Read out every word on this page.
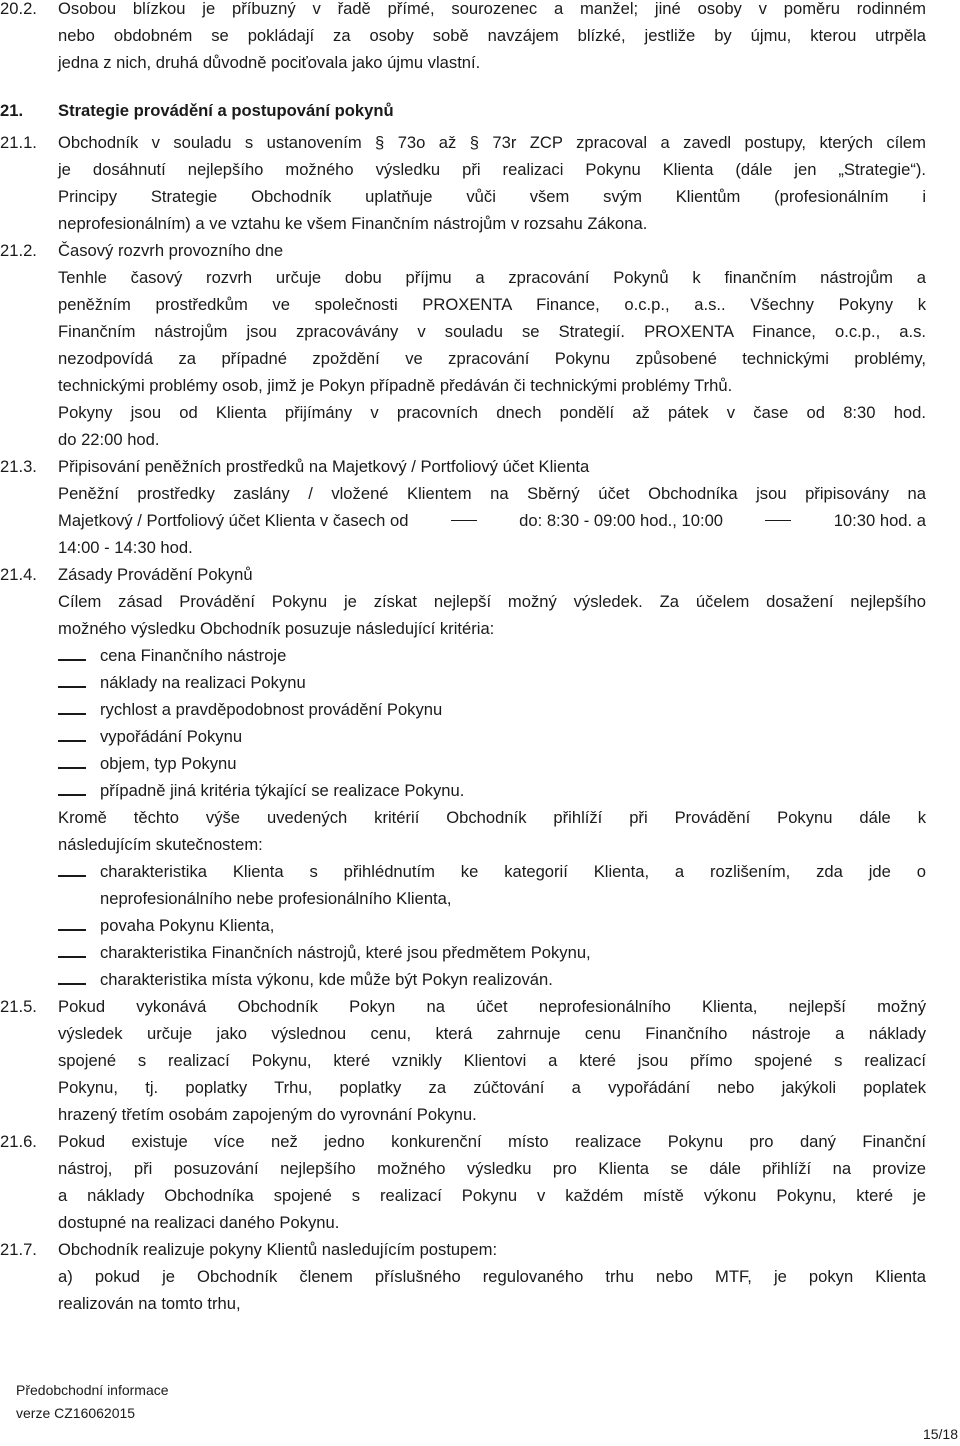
20.2. Osobou blízkou je příbuzný v řadě přímé, sourozenec a manžel; jiné osoby v poměru rodinném
nebo obdobném se pokládají za osoby sobě navzájem blízké, jestliže by újmu, kterou utrpěla
jedna z nich, druhá důvodně pociťovala jako újmu vlastní.
21. Strategie provádění a postupování pokynů
21.1. Obchodník v souladu s ustanovením § 73o až § 73r ZCP zpracoval a zavedl postupy, kterých cílem
je dosáhnutí nejlepšího možného výsledku při realizaci Pokynu Klienta (dále jen „Strategie“).
Principy Strategie Obchodník uplatňuje vůči všem svým Klientům (profesionálním i
neprofesionálním) a ve vztahu ke všem Finančním nástrojům v rozsahu Zákona.
21.2. Časový rozvrh provozního dne
Tenhle časový rozvrh určuje dobu příjmu a zpracování Pokynů k finančním nástrojům a
peněžním prostředkům ve společnosti PROXENTA Finance, o.c.p., a.s.. Všechny Pokyny k
Finančním nástrojům jsou zpracovávány v souladu se Strategií. PROXENTA Finance, o.c.p., a.s.
nezodpovídá za případné zpoždění ve zpracování Pokynu způsobené technickými problémy,
technickými problémy osob, jimž je Pokyn případně předáván či technickými problémy Trhů.
Pokyny jsou od Klienta přijímány v pracovních dnech pondělí až pátek v čase od 8:30 hod.
do 22:00 hod.
21.3. Připisování peněžních prostředků na Majetkový / Portfoliový účet Klienta
Peněžní prostředky zaslány / vložené Klientem na Sběrný účet Obchodníka jsou připisovány na
Majetkový / Portfoliový účet Klienta v časech od	do: 8:30 - 09:00 hod., 10:00	10:30 hod. a
14:00 - 14:30 hod.
21.4. Zásady Provádění Pokynů
Cílem zásad Provádění Pokynu je získat nejlepší možný výsledek. Za účelem dosažení nejlepšího
možného výsledku Obchodník posuzuje následující kritéria:
cena Finančního nástroje
náklady na realizaci Pokynu
rychlost a pravděpodobnost provádění Pokynu
vypořádání Pokynu
objem, typ Pokynu
případně jiná kritéria týkající se realizace Pokynu.
Kromě těchto výše uvedených kritérií Obchodník přihlíží při Provádění Pokynu dále k
následujícím skutečnostem:
charakteristika Klienta s přihlédnutím ke kategorií Klienta, a rozlišením, zda jde o
neprofesionálního nebe profesionálního Klienta,
povaha Pokynu Klienta,
charakteristika Finančních nástrojů, které jsou předmětem Pokynu,
charakteristika místa výkonu, kde může být Pokyn realizován.
21.5. Pokud vykonává Obchodník Pokyn na účet neprofesionálního Klienta, nejlepší možný
výsledek určuje jako výslednou cenu, která zahrnuje cenu Finančního nástroje a náklady
spojené s realizací Pokynu, které vznikly Klientovi a které jsou přímo spojené s realizací
Pokynu, tj. poplatky Trhu, poplatky za zúčtování a vypořádání nebo jakýkoli poplatek
hrazený třetím osobám zapojeným do vyrovnání Pokynu.
21.6. Pokud existuje více než jedno konkurenční místo realizace Pokynu pro daný Finanční
nástroj, při posuzování nejlepšího možného výsledku pro Klienta se dále přihlíží na provize
a náklady Obchodníka spojené s realizací Pokynu v každém místě výkonu Pokynu, které je
dostupné na realizaci daného Pokynu.
21.7. Obchodník realizuje pokyny Klientů nasledujícím postupem:
a) pokud je Obchodník členem příslušného regulovaného trhu nebo MTF, je pokyn Klienta
realizován na tomto trhu,
Předobchodní informace
verze CZ16062015
15/18
